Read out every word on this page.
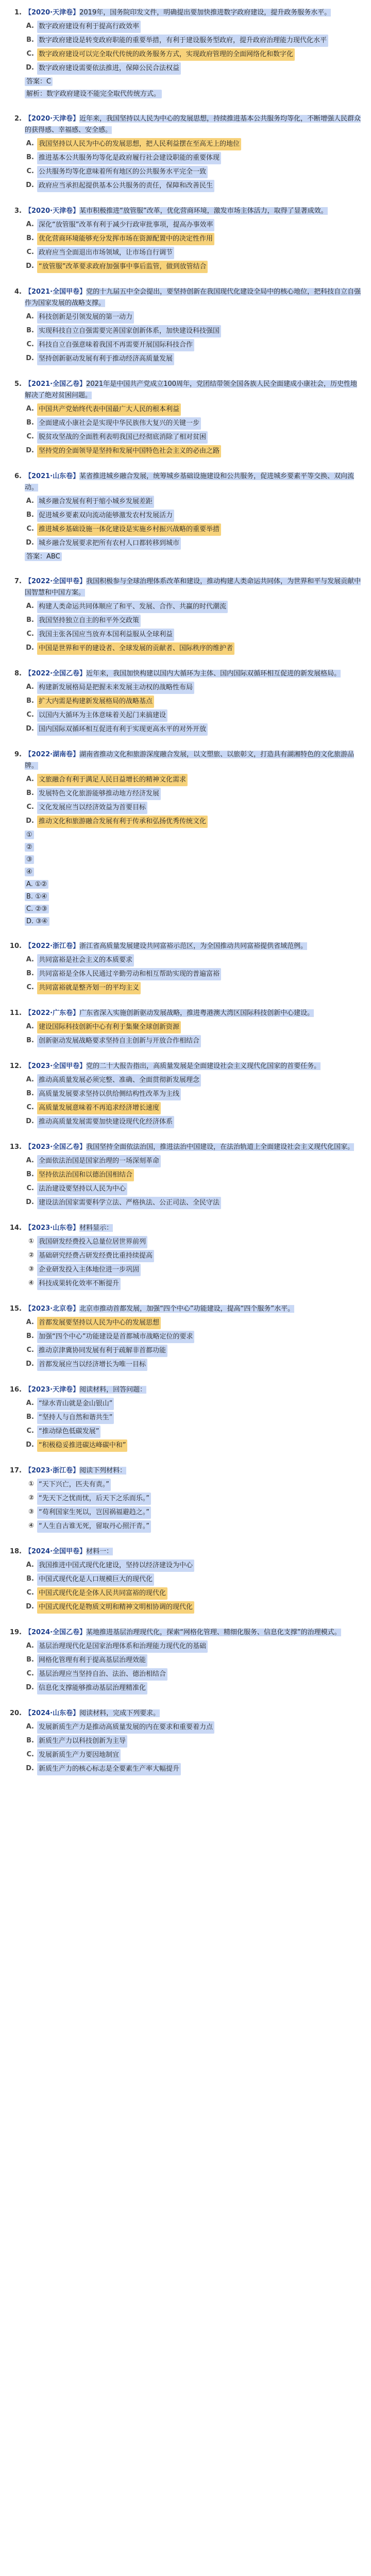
1. 【2020·天津卷】2019年，国务院印发文件，明确提出要加快推进数字政府建设，提升政务服务水平。
A. 数字政府建设有利于提高行政效率
B. 数字政府建设是转变政府职能的重要举措，有利于建设服务型政府，提升政府治理能力现代化水平
C. 数字政府建设可以完全取代传统的政务服务方式，实现政府管理的全面网络化和数字化
D. 数字政府建设需要依法推进，保障公民合法权益
答案：C
解析：数字政府建设不能完全取代传统方式。
2. 【2020·天津卷】近年来，我国坚持以人民为中心的发展思想，持续推进基本公共服务均等化，不断增强人民群众的获得感、幸福感、安全感。
A. 我国坚持以人民为中心的发展思想，把人民利益摆在至高无上的地位
B. 推进基本公共服务均等化是政府履行社会建设职能的重要体现
C. 公共服务均等化意味着所有地区的公共服务水平完全一致
D. 政府应当承担起提供基本公共服务的责任，保障和改善民生
3. 【2020·天津卷】某市积极推进“放管服”改革，优化营商环境，激发市场主体活力，取得了显著成效。
A. 深化“放管服”改革有利于减少行政审批事项，提高办事效率
B. 优化营商环境能够充分发挥市场在资源配置中的决定性作用
C. 政府应当全面退出市场领域，让市场自行调节
D. “放管服”改革要求政府加强事中事后监管，做到放管结合
4. 【2021·全国甲卷】党的十九届五中全会提出，要坚持创新在我国现代化建设全局中的核心地位，把科技自立自强作为国家发展的战略支撑。
A. 科技创新是引领发展的第一动力
B. 实现科技自立自强需要完善国家创新体系，加快建设科技强国
C. 科技自立自强意味着我国不再需要开展国际科技合作
D. 坚持创新驱动发展有利于推动经济高质量发展
5. 【2021·全国乙卷】2021年是中国共产党成立100周年，党团结带领全国各族人民全面建成小康社会，历史性地解决了绝对贫困问题。
A. 中国共产党始终代表中国最广大人民的根本利益
B. 全面建成小康社会是实现中华民族伟大复兴的关键一步
C. 脱贫攻坚战的全面胜利表明我国已经彻底消除了相对贫困
D. 坚持党的全面领导是坚持和发展中国特色社会主义的必由之路
6. 【2021·山东卷】某省推进城乡融合发展，统筹城乡基础设施建设和公共服务，促进城乡要素平等交换、双向流动。
A. 城乡融合发展有利于缩小城乡发展差距
B. 促进城乡要素双向流动能够激发农村发展活力
C. 推进城乡基础设施一体化建设是实施乡村振兴战略的重要举措
D. 城乡融合发展要求把所有农村人口都转移到城市
答案：ABC
7. 【2022·全国甲卷】我国积极参与全球治理体系改革和建设，推动构建人类命运共同体，为世界和平与发展贡献中国智慧和中国方案。
A. 构建人类命运共同体顺应了和平、发展、合作、共赢的时代潮流
B. 我国坚持独立自主的和平外交政策
C. 我国主张各国应当放弃本国利益服从全球利益
D. 中国是世界和平的建设者、全球发展的贡献者、国际秩序的维护者
8. 【2022·全国乙卷】近年来，我国加快构建以国内大循环为主体、国内国际双循环相互促进的新发展格局。
A. 构建新发展格局是把握未来发展主动权的战略性布局
B. 扩大内需是构建新发展格局的战略基点
C. 以国内大循环为主体意味着关起门来搞建设
D. 国内国际双循环相互促进有利于实现更高水平的对外开放
9. 【2022·湖南卷】湖南省推动文化和旅游深度融合发展，以文塑旅、以旅彰文，打造具有湖湘特色的文化旅游品牌。
A. 文旅融合有利于满足人民日益增长的精神文化需求
B. 发展特色文化旅游能够推动地方经济发展
C. 文化发展应当以经济效益为首要目标
D. 推动文化和旅游融合发展有利于传承和弘扬优秀传统文化
①
②
③
④
A. ①②
B. ①④
C. ②③
D. ③④
10. 【2022·浙江卷】浙江省高质量发展建设共同富裕示范区，为全国推动共同富裕提供省域范例。
A. 共同富裕是社会主义的本质要求
B. 共同富裕是全体人民通过辛勤劳动和相互帮助实现的普遍富裕
C. 共同富裕就是整齐划一的平均主义
11. 【2022·广东卷】广东省深入实施创新驱动发展战略，推进粤港澳大湾区国际科技创新中心建设。
A. 建设国际科技创新中心有利于集聚全球创新资源
B. 创新驱动发展战略要求坚持自主创新与开放合作相结合
12. 【2023·全国甲卷】党的二十大报告指出，高质量发展是全面建设社会主义现代化国家的首要任务。
A. 推动高质量发展必须完整、准确、全面贯彻新发展理念
B. 高质量发展要求坚持以供给侧结构性改革为主线
C. 高质量发展意味着不再追求经济增长速度
D. 推动高质量发展需要加快建设现代化经济体系
13. 【2023·全国乙卷】我国坚持全面依法治国，推进法治中国建设，在法治轨道上全面建设社会主义现代化国家。
A. 全面依法治国是国家治理的一场深刻革命
B. 坚持依法治国和以德治国相结合
C. 法治建设要坚持以人民为中心
D. 建设法治国家需要科学立法、严格执法、公正司法、全民守法
14. 【2023·山东卷】材料显示：
① 我国研发经费投入总量位居世界前列
② 基础研究经费占研发经费比重持续提高
③ 企业研发投入主体地位进一步巩固
④ 科技成果转化效率不断提升
15. 【2023·北京卷】北京市推动首都发展，加强“四个中心”功能建设，提高“四个服务”水平。
A. 首都发展要坚持以人民为中心的发展思想
B. 加强“四个中心”功能建设是首都城市战略定位的要求
C. 推动京津冀协同发展有利于疏解非首都功能
D. 首都发展应当以经济增长为唯一目标
16. 【2023·天津卷】阅读材料，回答问题：
A. “绿水青山就是金山银山”
B. “坚持人与自然和谐共生”
C. “推动绿色低碳发展”
D. “积极稳妥推进碳达峰碳中和”
17. 【2023·浙江卷】阅读下列材料：
① “天下兴亡，匹夫有责。”
② “先天下之忧而忧，后天下之乐而乐。”
③ “苟利国家生死以，岂因祸福避趋之。”
④ “人生自古谁无死，留取丹心照汗青。”
18. 【2024·全国甲卷】材料一：
A. 我国推进中国式现代化建设，坚持以经济建设为中心
B. 中国式现代化是人口规模巨大的现代化
C. 中国式现代化是全体人民共同富裕的现代化
D. 中国式现代化是物质文明和精神文明相协调的现代化
19. 【2024·全国乙卷】某地推进基层治理现代化，探索“网格化管理、精细化服务、信息化支撑”的治理模式。
A. 基层治理现代化是国家治理体系和治理能力现代化的基础
B. 网格化管理有利于提高基层治理效能
C. 基层治理应当坚持自治、法治、德治相结合
D. 信息化支撑能够推动基层治理精准化
20. 【2024·山东卷】阅读材料，完成下列要求。
A. 发展新质生产力是推动高质量发展的内在要求和重要着力点
B. 新质生产力以科技创新为主导
C. 发展新质生产力要因地制宜
D. 新质生产力的核心标志是全要素生产率大幅提升
